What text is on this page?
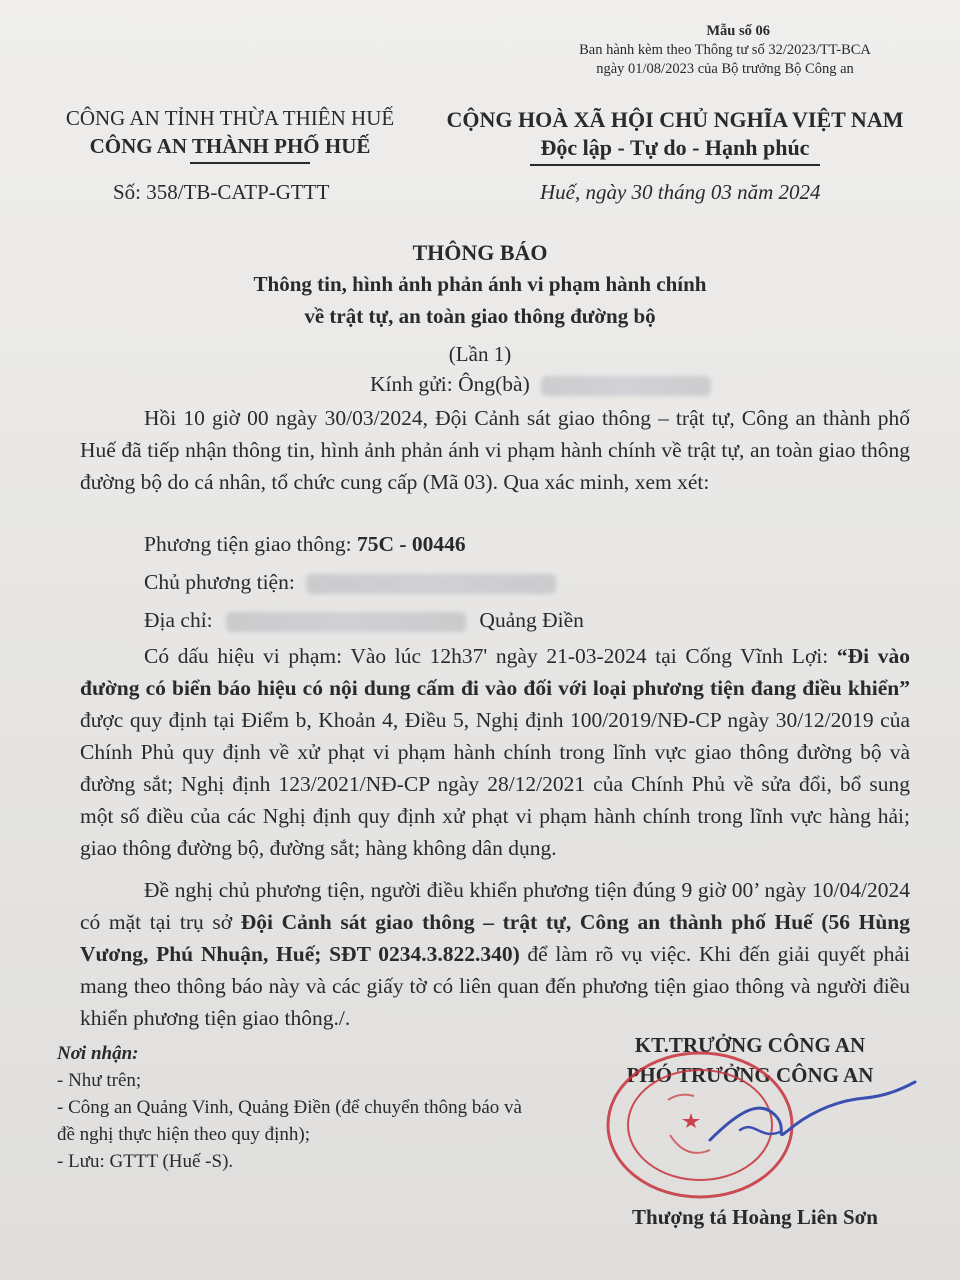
Mẫu số 06
Ban hành kèm theo Thông tư số 32/2023/TT-BCA
ngày 01/08/2023 của Bộ trưởng Bộ Công an
CÔNG AN TỈNH THỪA THIÊN HUẾ
CÔNG AN THÀNH PHỐ HUẾ
CỘNG HOÀ XÃ HỘI CHỦ NGHĨA VIỆT NAM
Độc lập - Tự do - Hạnh phúc
Số: 358/TB-CATP-GTTT	Huế, ngày 30 tháng 03 năm 2024
THÔNG BÁO
Thông tin, hình ảnh phản ánh vi phạm hành chính
về trật tự, an toàn giao thông đường bộ
(Lần 1)
Kính gửi: Ông(bà)
Hồi 10 giờ 00 ngày 30/03/2024, Đội Cảnh sát giao thông – trật tự, Công an thành phố Huế đã tiếp nhận thông tin, hình ảnh phản ánh vi phạm hành chính về trật tự, an toàn giao thông đường bộ do cá nhân, tổ chức cung cấp (Mã 03). Qua xác minh, xem xét:
Phương tiện giao thông: 75C - 00446
Chủ phương tiện:
Địa chỉ:	Quảng Điền
Có dấu hiệu vi phạm: Vào lúc 12h37' ngày 21-03-2024 tại Cống Vĩnh Lợi: “Đi vào đường có biển báo hiệu có nội dung cấm đi vào đối với loại phương tiện đang điều khiển” được quy định tại Điểm b, Khoản 4, Điều 5, Nghị định 100/2019/NĐ-CP ngày 30/12/2019 của Chính Phủ quy định về xử phạt vi phạm hành chính trong lĩnh vực giao thông đường bộ và đường sắt; Nghị định 123/2021/NĐ-CP ngày 28/12/2021 của Chính Phủ về sửa đổi, bổ sung một số điều của các Nghị định quy định xử phạt vi phạm hành chính trong lĩnh vực hàng hải; giao thông đường bộ, đường sắt; hàng không dân dụng.
Đề nghị chủ phương tiện, người điều khiển phương tiện đúng 9 giờ 00’ ngày 10/04/2024 có mặt tại trụ sở Đội Cảnh sát giao thông – trật tự, Công an thành phố Huế (56 Hùng Vương, Phú Nhuận, Huế; SĐT 0234.3.822.340) để làm rõ vụ việc. Khi đến giải quyết phải mang theo thông báo này và các giấy tờ có liên quan đến phương tiện giao thông và người điều khiển phương tiện giao thông./.
Nơi nhận:
- Như trên;
- Công an Quảng Vinh, Quảng Điền (để chuyển thông báo và đề nghị thực hiện theo quy định);
- Lưu: GTTT (Huế -S).
KT.TRƯỞNG CÔNG AN
PHÓ TRƯỞNG CÔNG AN
Thượng tá Hoàng Liên Sơn
